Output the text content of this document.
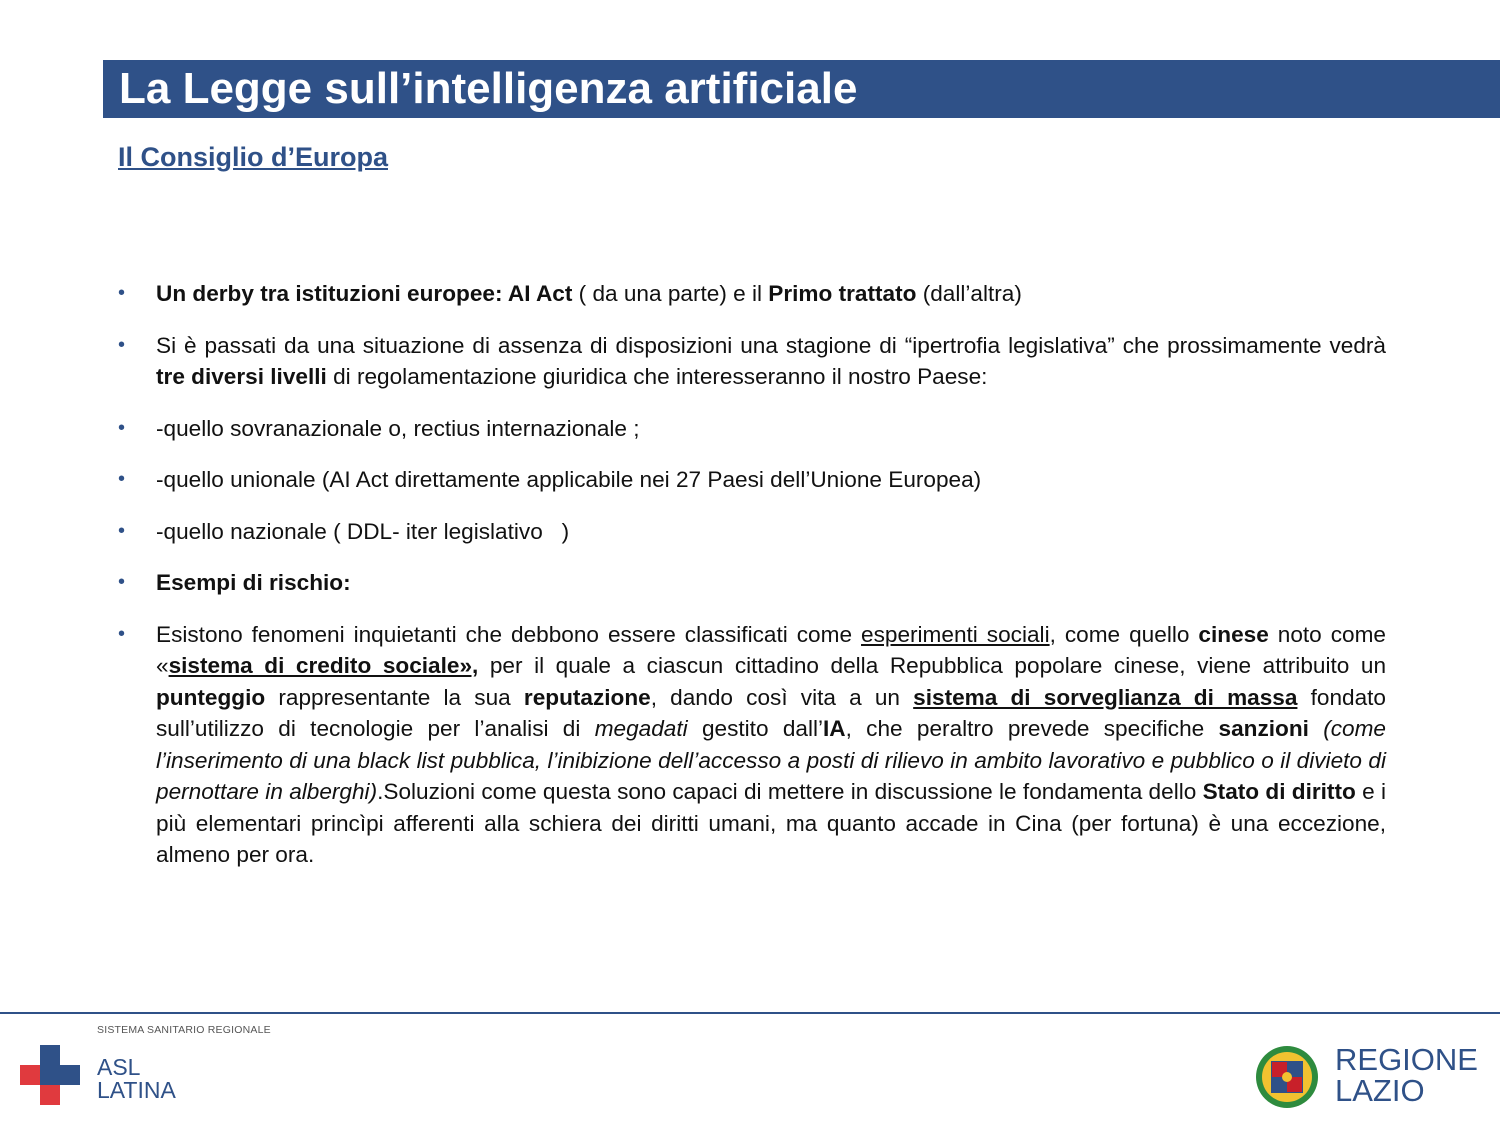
La Legge sull’intelligenza artificiale
Il Consiglio d’Europa
• Un derby tra istituzioni europee: AI Act ( da una parte) e il Primo trattato (dall’altra)
• Si è passati da una situazione di assenza di disposizioni una stagione di “ipertrofia legislativa” che prossimamente vedrà tre diversi livelli di regolamentazione giuridica che interesseranno il nostro Paese:
• -quello sovranazionale o, rectius internazionale ;
• -quello unionale (AI Act direttamente applicabile nei 27 Paesi dell’Unione Europea)
• -quello nazionale ( DDL- iter legislativo   )
• Esempi di rischio:
• Esistono fenomeni inquietanti che debbono essere classificati come esperimenti sociali, come quello cinese noto come «sistema di credito sociale», per il quale a ciascun cittadino della Repubblica popolare cinese, viene attribuito un punteggio rappresentante la sua reputazione, dando così vita a un sistema di sorveglianza di massa fondato sull’utilizzo di tecnologie per l’analisi di megadati gestito dall’IA, che peraltro prevede specifiche sanzioni (come l’inserimento di una black list pubblica, l’inibizione dell’accesso a posti di rilievo in ambito lavorativo e pubblico o il divieto di pernottare in alberghi).Soluzioni come questa sono capaci di mettere in discussione le fondamenta dello Stato di diritto e i più elementari princìpi afferenti alla schiera dei diritti umani, ma quanto accade in Cina (per fortuna) è una eccezione, almeno per ora.
SISTEMA SANITARIO REGIONALE
ASL
LATINA
REGIONE
LAZIO
